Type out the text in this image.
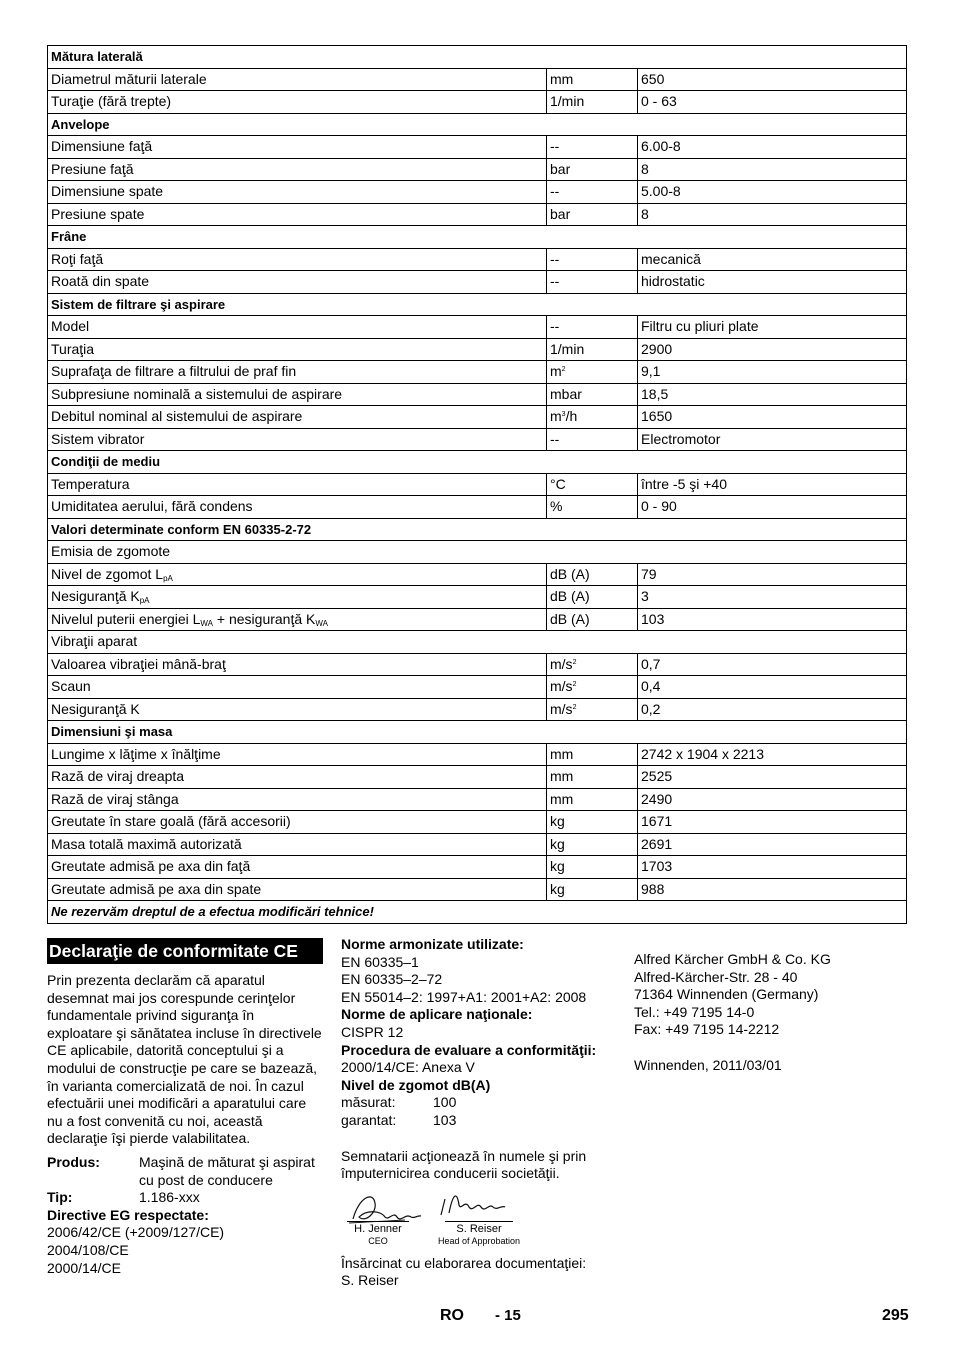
Mătura laterală		
Diametrul măturii laterale	mm	650
Turaţie (fără trepte)	1/min	0 - 63
Anvelope		
Dimensiune faţă	--	6.00-8
Presiune faţă	bar	8
Dimensiune spate	--	5.00-8
Presiune spate	bar	8
Frâne		
Roţi faţă	--	mecanică
Roată din spate	--	hidrostatic
Sistem de filtrare şi aspirare		
Model	--	Filtru cu pliuri plate
Turaţia	1/min	2900
Suprafaţa de filtrare a filtrului de praf fin	$m^2$	9,1
Subpresiune nominală a sistemului de aspirare	mbar	18,5
Debitul nominal al sistemului de aspirare	$m^3/h$	1650
Sistem vibrator	--	Electromotor
Condiţii de mediu		
Temperatura	°C	între -5 şi +40
Umiditatea aerului, fără condens	%	0 - 90
Valori determinate conform EN 60335-2-72		
Emisia de zgomote		
Nivel de zgomot $L_{pA}$	dB (A)	79
Nesiguranţă $K_{pA}$	dB (A)	3
Nivelul puterii energiei $L_{WA}$ + nesiguranţă $K_{WA}$	dB (A)	103
Vibraţii aparat		
Valoarea vibraţiei mână-braţ	$m/s^2$	0,7
Scaun	$m/s^2$	0,4
Nesiguranţă K	$m/s^2$	0,2
Dimensiuni şi masa		
Lungime x lăţime x înălţime	mm	2742 x 1904 x 2213
Rază de viraj dreapta	mm	2525
Rază de viraj stânga	mm	2490
Greutate în stare goală (fără accesorii)	kg	1671
Masa totală maximă autorizată	kg	2691
Greutate admisă pe axa din faţă	kg	1703
Greutate admisă pe axa din spate	kg	988
Ne rezervăm dreptul de a efectua modificări tehnice!		
Declaraţie de conformitate CE
Prin prezenta declarăm că aparatul desemnat mai jos corespunde cerinţelor fundamentale privind siguranţa în exploatare şi sănătatea incluse în directivele CE aplicabile, datorită conceptului şi a modului de construcţie pe care se bazează, în varianta comercializată de noi. În cazul efectuării unei modificări a aparatului care nu a fost convenită cu noi, această declaraţie îşi pierde valabilitatea.
Produs:	Maşină de măturat şi aspirat cu post de conducere
Tip:	1.186-xxx
Directive EG respectate:
2006/42/CE (+2009/127/CE)
2004/108/CE
2000/14/CE
Norme armonizate utilizate:
EN 60335–1
EN 60335–2–72
EN 55014–2: 1997+A1: 2001+A2: 2008
Norme de aplicare naţionale:
CISPR 12
Procedura de evaluare a conformităţii:
2000/14/CE: Anexa V
Nivel de zgomot dB(A)
măsurat:	100
garantat:	103
Semnatarii acţionează în numele şi prin împuternicirea conducerii societăţii.
H. Jenner
CEO
S. Reiser
Head of Approbation
Însărcinat cu elaborarea documentaţiei:
S. Reiser
Alfred Kärcher GmbH & Co. KG
Alfred-Kärcher-Str. 28 - 40
71364 Winnenden (Germany)
Tel.: +49 7195 14-0
Fax: +49 7195 14-2212
Winnenden, 2011/03/01
RO - 15	295
